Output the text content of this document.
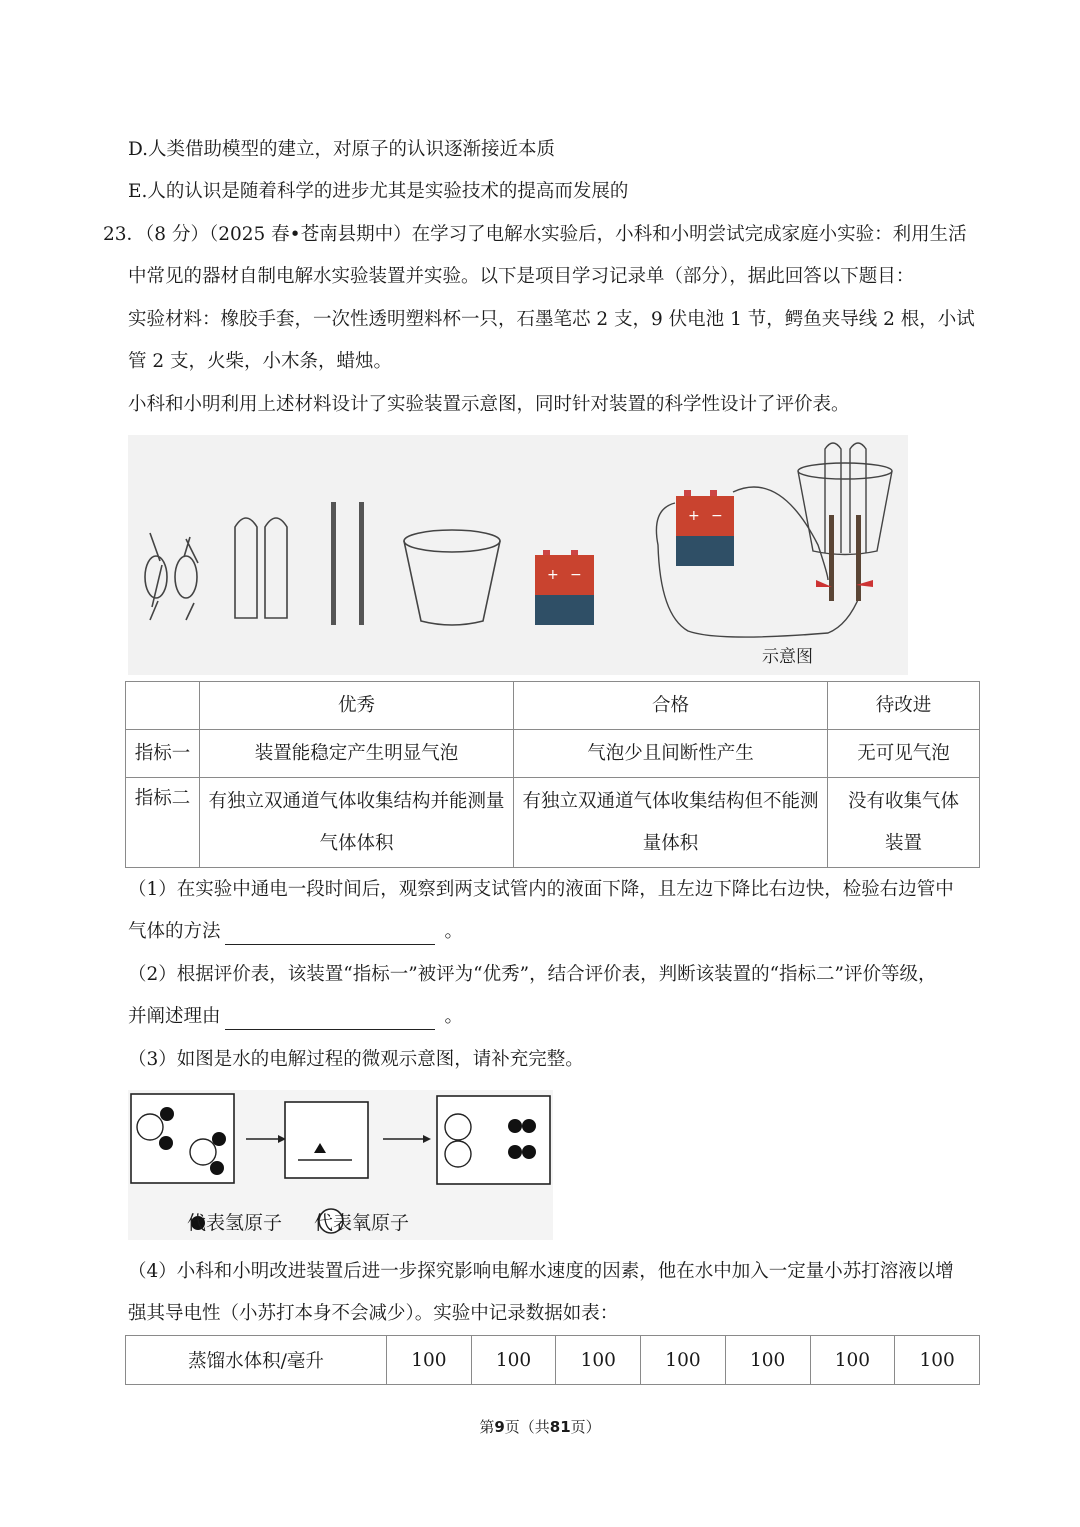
D.人类借助模型的建立，对原子的认识逐渐接近本质
E.人的认识是随着科学的进步尤其是实验技术的提高而发展的
23．（8 分）（2025 春•苍南县期中）在学习了电解水实验后，小科和小明尝试完成家庭小实验：利用生活
中常见的器材自制电解水实验装置并实验。以下是项目学习记录单（部分），据此回答以下题目：
实验材料：橡胶手套，一次性透明塑料杯一只，石墨笔芯 2 支，9 伏电池 1 节，鳄鱼夹导线 2 根，小试
管 2 支，火柴，小木条，蜡烛。
小科和小明利用上述材料设计了实验装置示意图，同时针对装置的科学性设计了评价表。
+ −
+ −
示意图
	优秀	合格	待改进
指标一	装置能稳定产生明显气泡	气泡少且间断性产生	无可见气泡
指标二	有独立双通道气体收集结构并能测量气体体积	有独立双通道气体收集结构但不能测量体积	没有收集气体装置
（1）在实验中通电一段时间后，观察到两支试管内的液面下降，且左边下降比右边快，检验右边管中
气体的方法	。
（2）根据评价表，该装置“指标一”被评为“优秀”，结合评价表，判断该装置的“指标二”评价等级，
并阐述理由	。
（3）如图是水的电解过程的微观示意图，请补充完整。
代表氢原子 代表氧原子
（4）小科和小明改进装置后进一步探究影响电解水速度的因素，他在水中加入一定量小苏打溶液以增
强其导电性（小苏打本身不会减少）。实验中记录数据如表：
蒸馏水体积/毫升	100	100	100	100	100	100	100
第9页（共81页）
